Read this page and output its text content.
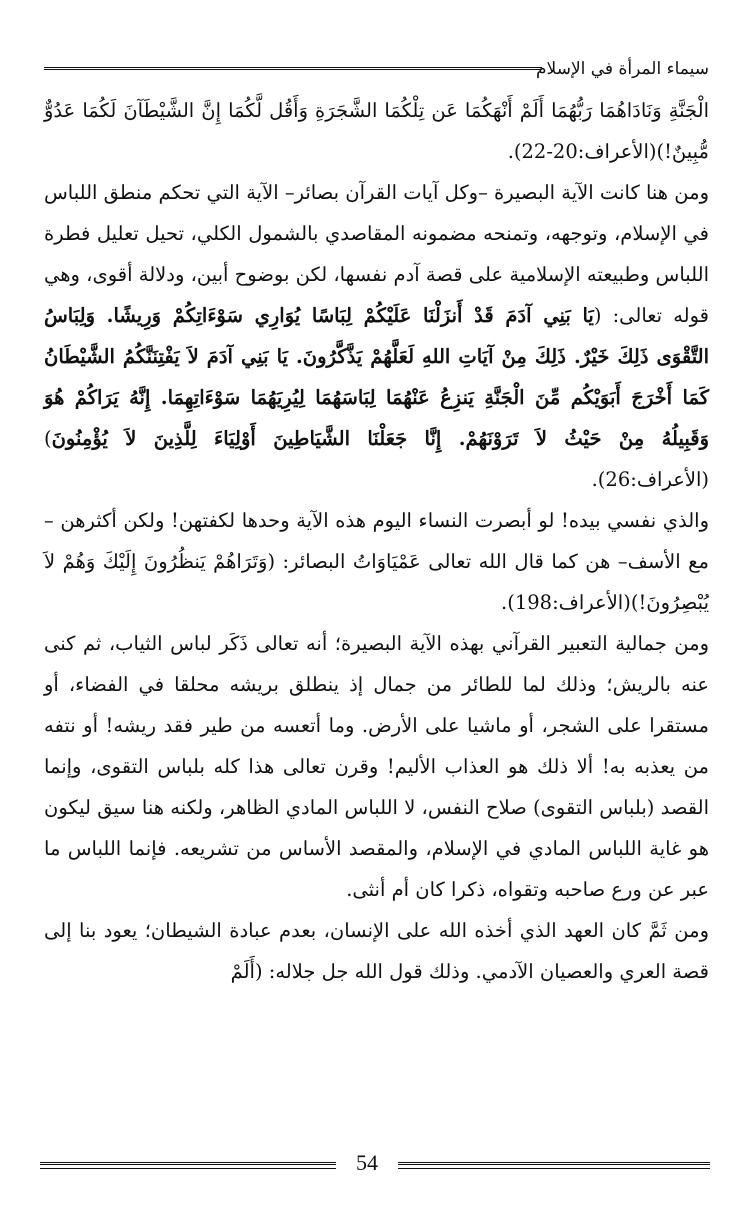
سيماء المرأة في الإسلام

الْجَنَّةِ وَنَادَاهُمَا رَبُّهُمَا أَلَمْ أَنْهَكُمَا عَن تِلْكُمَا الشَّجَرَةِ وَأَقُل لَّكُمَا إِنَّ الشَّيْطَآنَ لَكُمَا عَدُوٌّ مُّبِينٌ!)(الأعراف:20-22).

ومن هنا كانت الآية البصيرة –وكل آيات القرآن بصائر– الآية التي تحكم منطق اللباس في الإسلام، وتوجهه، وتمنحه مضمونه المقاصدي بالشمول الكلي، تحيل تعليل فطرة اللباس وطبيعته الإسلامية على قصة آدم نفسها، لكن بوضوح أبين، ودلالة أقوى، وهي قوله تعالى: (يَا بَنِي آدَمَ قَدْ أَنزَلْنَا عَلَيْكُمْ لِبَاسًا يُوَارِي سَوْءَاتِكُمْ وَرِيشًا. وَلِبَاسُ التَّقْوَى ذَلِكَ خَيْرٌ. ذَلِكَ مِنْ آيَاتِ اللهِ لَعَلَّهُمْ يَذَّكَّرُونَ. يَا بَنِي آدَمَ لاَ يَفْتِنَنَّكُمُ الشَّيْطَانُ كَمَا أَخْرَجَ أَبَوَيْكُم مِّنَ الْجَنَّةِ يَنزِعُ عَنْهُمَا لِبَاسَهُمَا لِيُرِيَهُمَا سَوْءَاتِهِمَا. إِنَّهُ يَرَاكُمْ هُوَ وَقَبِيلُهُ مِنْ حَيْثُ لاَ تَرَوْنَهُمْ. إِنَّا جَعَلْنَا الشَّيَاطِينَ أَوْلِيَاءَ لِلَّذِينَ لاَ يُؤْمِنُونَ)(الأعراف:26).

والذي نفسي بيده! لو أبصرت النساء اليوم هذه الآية وحدها لكفتهن! ولكن أكثرهن –مع الأسف– هن كما قال الله تعالى عَمْيَاوَاتُ البصائر: (وَتَرَاهُمْ يَنظُرُونَ إِلَيْكَ وَهُمْ لاَ يُبْصِرُونَ!)(الأعراف:198).

ومن جمالية التعبير القرآني بهذه الآية البصيرة؛ أنه تعالى ذَكَر لباس الثياب، ثم كنى عنه بالريش؛ وذلك لما للطائر من جمال إذ ينطلق بريشه محلقا في الفضاء، أو مستقرا على الشجر، أو ماشيا على الأرض. وما أتعسه من طير فقد ريشه! أو نتفه من يعذبه به! ألا ذلك هو العذاب الأليم! وقرن تعالى هذا كله بلباس التقوى، وإنما القصد (بلباس التقوى) صلاح النفس، لا اللباس المادي الظاهر، ولكنه هنا سيق ليكون هو غاية اللباس المادي في الإسلام، والمقصد الأساس من تشريعه. فإنما اللباس ما عبر عن ورع صاحبه وتقواه، ذكرا كان أم أنثى.

ومن ثَمَّ كان العهد الذي أخذه الله على الإنسان، بعدم عبادة الشيطان؛ يعود بنا إلى قصة العري والعصيان الآدمي. وذلك قول الله جل جلاله: (أَلَمْ

54
